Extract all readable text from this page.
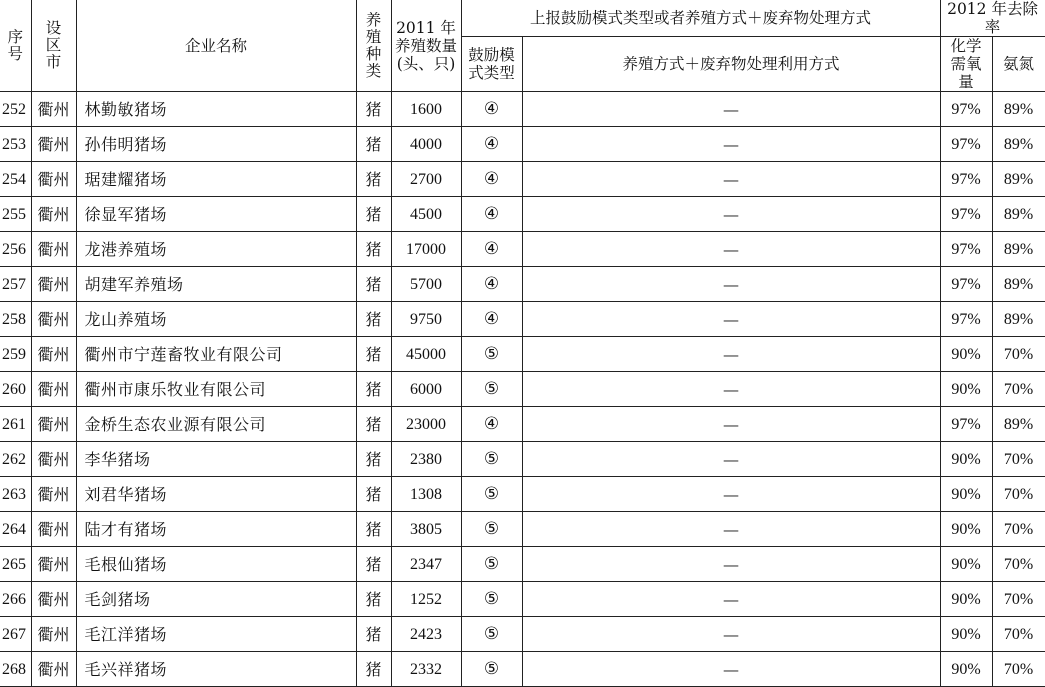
序号	设区市	企业名称	养殖种类	2011 年养殖数量(头、只)	上报鼓励模式类型或者养殖方式＋废弃物处理方式		2012 年去除率	
					鼓励模式类型	养殖方式＋废弃物处理利用方式	化学需氧量	氨氮
252	衢州	林勤敏猪场	猪	1600	④	—	97%	89%
253	衢州	孙伟明猪场	猪	4000	④	—	97%	89%
254	衢州	琚建耀猪场	猪	2700	④	—	97%	89%
255	衢州	徐显军猪场	猪	4500	④	—	97%	89%
256	衢州	龙港养殖场	猪	17000	④	—	97%	89%
257	衢州	胡建军养殖场	猪	5700	④	—	97%	89%
258	衢州	龙山养殖场	猪	9750	④	—	97%	89%
259	衢州	衢州市宁莲畜牧业有限公司	猪	45000	⑤	—	90%	70%
260	衢州	衢州市康乐牧业有限公司	猪	6000	⑤	—	90%	70%
261	衢州	金桥生态农业源有限公司	猪	23000	④	—	97%	89%
262	衢州	李华猪场	猪	2380	⑤	—	90%	70%
263	衢州	刘君华猪场	猪	1308	⑤	—	90%	70%
264	衢州	陆才有猪场	猪	3805	⑤	—	90%	70%
265	衢州	毛根仙猪场	猪	2347	⑤	—	90%	70%
266	衢州	毛剑猪场	猪	1252	⑤	—	90%	70%
267	衢州	毛江洋猪场	猪	2423	⑤	—	90%	70%
268	衢州	毛兴祥猪场	猪	2332	⑤	—	90%	70%
